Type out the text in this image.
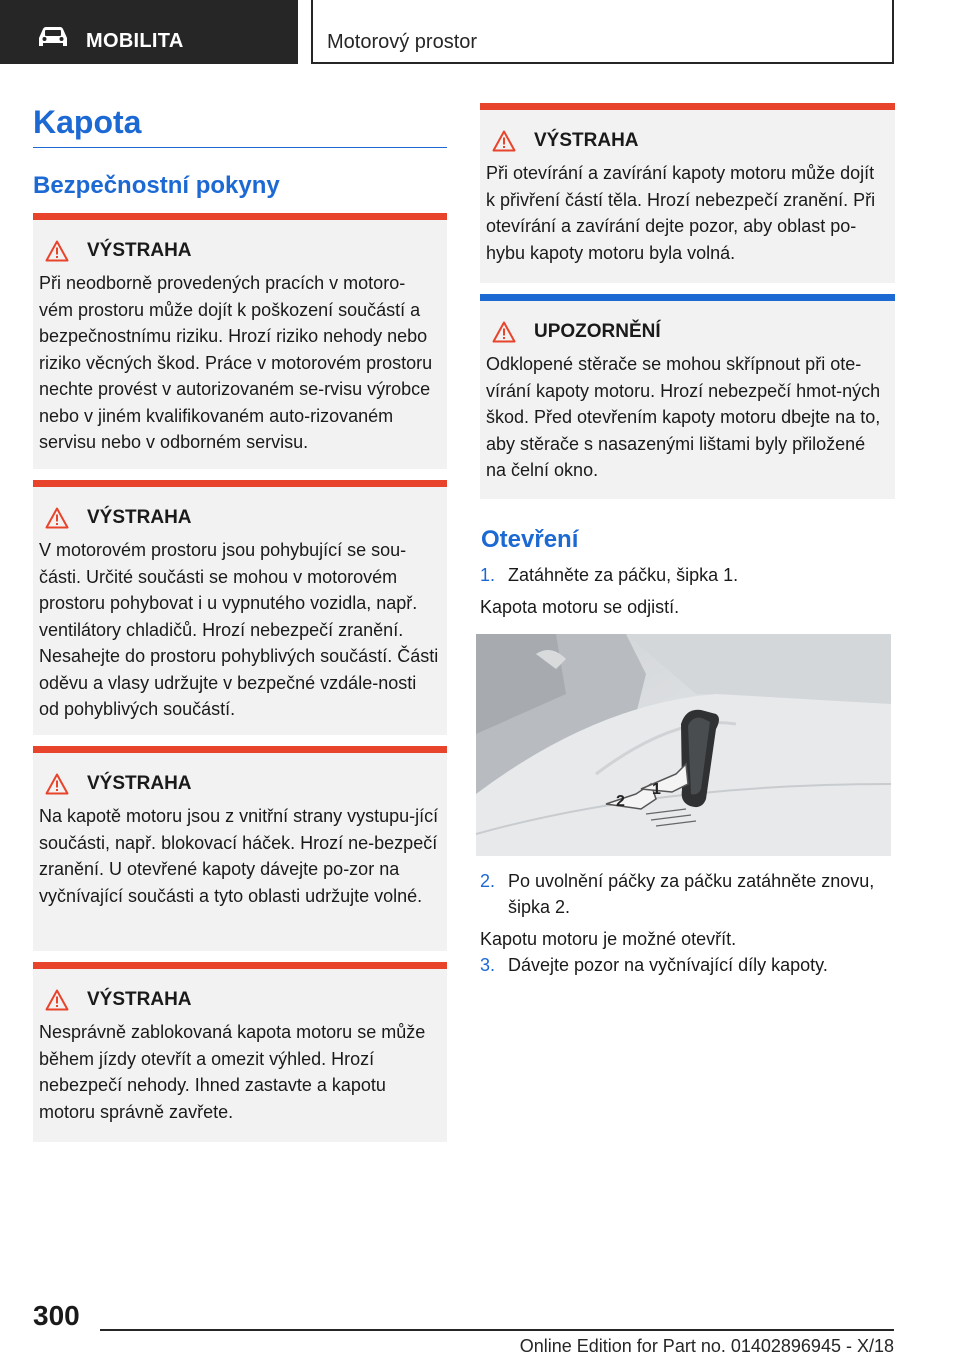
MOBILITA	Motorový prostor
Kapota
Bezpečnostní pokyny
VÝSTRAHA
Při neodborně provedených pracích v motoro-vém prostoru může dojít k poškození součástí a bezpečnostnímu riziku. Hrozí riziko nehody nebo riziko věcných škod. Práce v motorovém prostoru nechte provést v autorizovaném se-rvisu výrobce nebo v jiném kvalifikovaném auto-rizovaném servisu nebo v odborném servisu.
VÝSTRAHA
V motorovém prostoru jsou pohybující se sou-části. Určité součásti se mohou v motorovém prostoru pohybovat i u vypnutého vozidla, např. ventilátory chladičů. Hrozí nebezpečí zranění. Nesahejte do prostoru pohyblivých součástí. Části oděvu a vlasy udržujte v bezpečné vzdále-nosti od pohyblivých součástí.
VÝSTRAHA
Na kapotě motoru jsou z vnitřní strany vystupu-jící součásti, např. blokovací háček. Hrozí ne-bezpečí zranění. U otevřené kapoty dávejte po-zor na vyčnívající součásti a tyto oblasti udržujte volné.
VÝSTRAHA
Nesprávně zablokovaná kapota motoru se může během jízdy otevřít a omezit výhled. Hrozí nebezpečí nehody. Ihned zastavte a kapotu motoru správně zavřete.
VÝSTRAHA
Při otevírání a zavírání kapoty motoru může dojít k přivření částí těla. Hrozí nebezpečí zranění. Při otevírání a zavírání dejte pozor, aby oblast po-hybu kapoty motoru byla volná.
UPOZORNĚNÍ
Odklopené stěrače se mohou skřípnout při ote-vírání kapoty motoru. Hrozí nebezpečí hmot-ných škod. Před otevřením kapoty motoru dbejte na to, aby stěrače s nasazenými lištami byly přiložené na čelní okno.
Otevření
1. Zatáhněte za páčku, šipka 1.
Kapota motoru se odjistí.
2
1
2. Po uvolnění páčky za páčku zatáhněte znovu, šipka 2.
Kapotu motoru je možné otevřít.
3. Dávejte pozor na vyčnívající díly kapoty.
300
Online Edition for Part no. 01402896945 - X/18
